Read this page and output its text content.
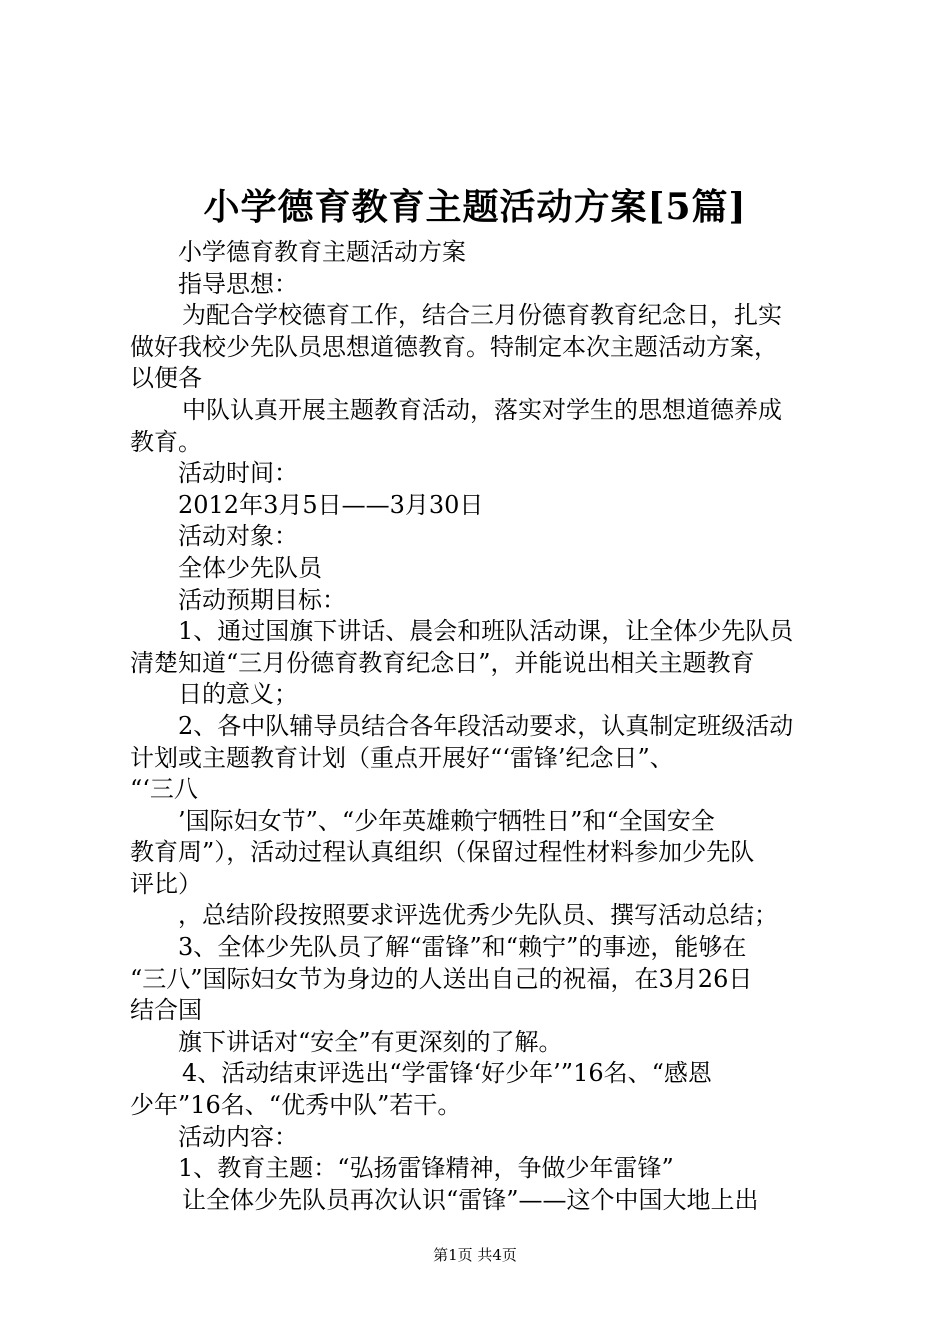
小学德育教育主题活动方案[5篇]

小学德育教育主题活动方案

指导思想：

为配合学校德育工作，结合三月份德育教育纪念日，扎实

做好我校少先队员思想道德教育。特制定本次主题活动方案，

以便各

中队认真开展主题教育活动，落实对学生的思想道德养成

教育。

活动时间：

2012年3月5日——3月30日

活动对象：

全体少先队员

活动预期目标：

1、通过国旗下讲话、晨会和班队活动课，让全体少先队员

清楚知道“三月份德育教育纪念日”，并能说出相关主题教育

日的意义；

2、各中队辅导员结合各年段活动要求，认真制定班级活动

计划或主题教育计划（重点开展好“‘雷锋’纪念日”、

“‘三八

’国际妇女节”、“少年英雄赖宁牺牲日”和“全国安全

教育周”），活动过程认真组织（保留过程性材料参加少先队

评比）

，总结阶段按照要求评选优秀少先队员、撰写活动总结；

3、全体少先队员了解“雷锋”和“赖宁”的事迹，能够在

“三八”国际妇女节为身边的人送出自己的祝福，在3月26日

结合国

旗下讲话对“安全”有更深刻的了解。

4、活动结束评选出“学雷锋‘好少年’”16名、“感恩

少年”16名、“优秀中队”若干。

活动内容：

1、教育主题：“弘扬雷锋精神，争做少年雷锋”

让全体少先队员再次认识“雷锋”——这个中国大地上出

第1页 共4页
